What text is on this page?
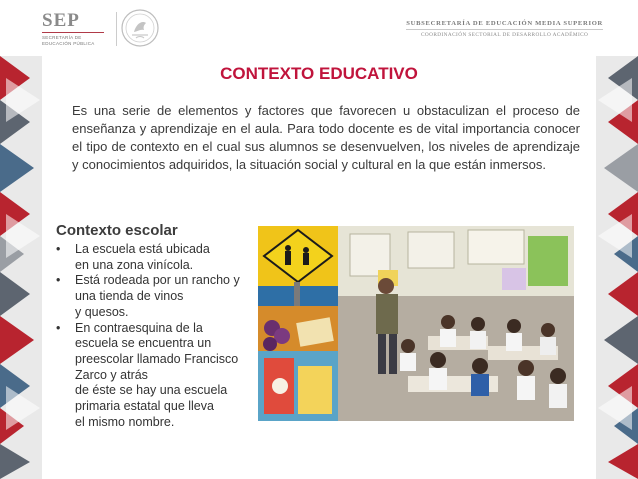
SEP
SECRETARÍA DE
EDUCACIÓN PÚBLICA
SUBSECRETARÍA DE EDUCACIÓN MEDIA SUPERIOR
COORDINACIÓN SECTORIAL DE DESARROLLO ACADÉMICO
CONTEXTO EDUCATIVO
Es una serie de elementos y factores que favorecen u obstaculizan el proceso de enseñanza y aprendizaje en el aula. Para todo docente es de vital importancia conocer el tipo de contexto en el cual sus alumnos se desenvuelven, los niveles de aprendizaje y conocimientos adquiridos, la situación social y cultural en la que están inmersos.
Contexto escolar
• La escuela está ubicada
en una zona vinícola.
• Está rodeada por un rancho y
una tienda de vinos
y quesos.
• En contraesquina de la
escuela se encuentra un
preescolar llamado Francisco
Zarco y atrás
de éste se hay una escuela
primaria estatal que lleva
el mismo nombre.
